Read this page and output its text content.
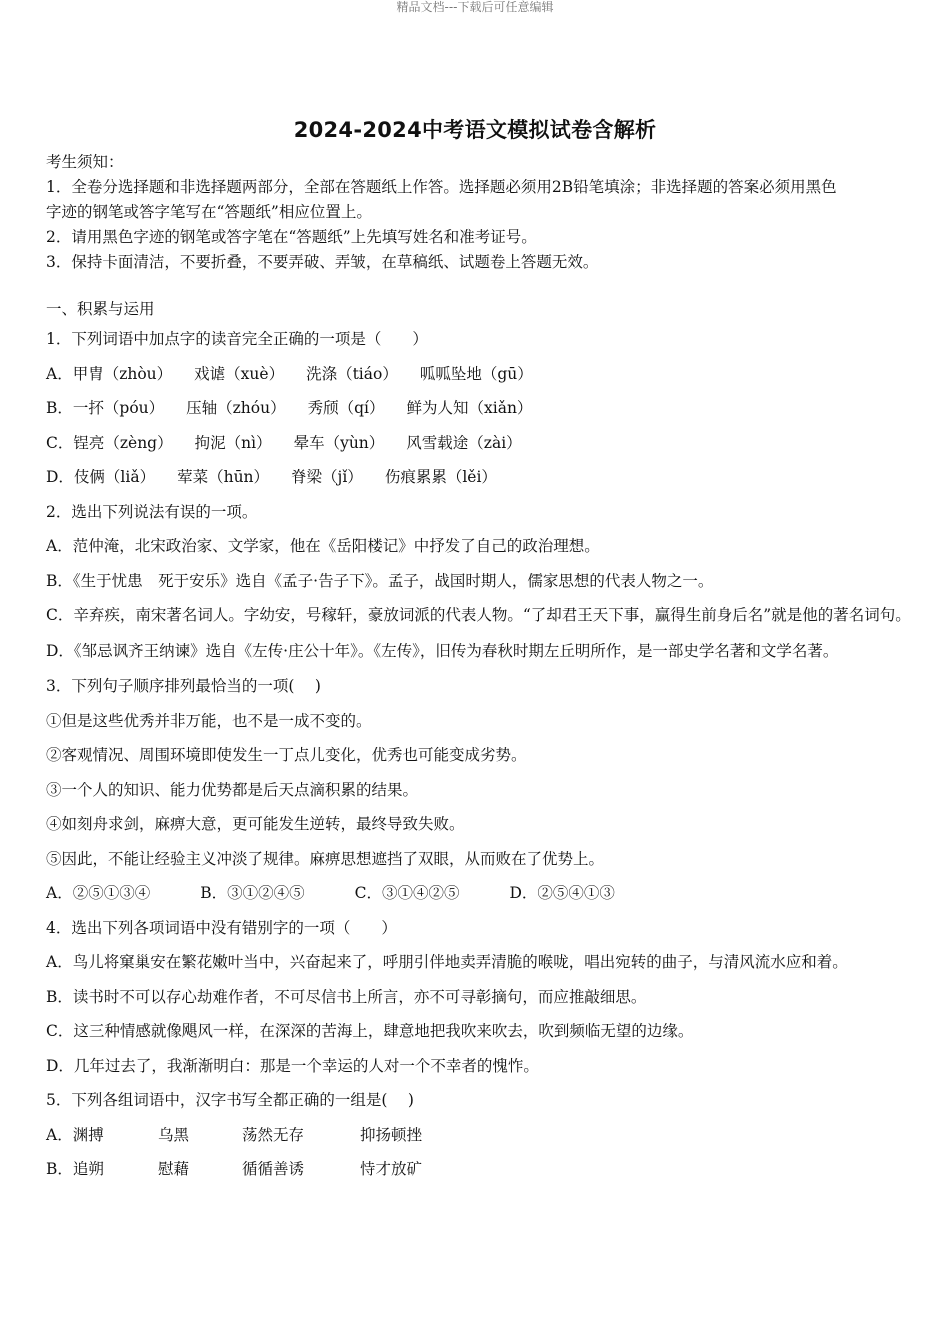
精品文档---下载后可任意编辑
2024-2024中考语文模拟试卷含解析
考生须知：
1．全卷分选择题和非选择题两部分，全部在答题纸上作答。选择题必须用2B铅笔填涂；非选择题的答案必须用黑色
字迹的钢笔或答字笔写在“答题纸”相应位置上。
2．请用黑色字迹的钢笔或答字笔在“答题纸”上先填写姓名和准考证号。
3．保持卡面清洁，不要折叠，不要弄破、弄皱，在草稿纸、试题卷上答题无效。
一、积累与运用
1．下列词语中加点字的读音完全正确的一项是（　　）
A．甲胄（zhòu） 戏谑（xuè） 洗涤（tiáo） 呱呱坠地（gū）
B．一抔（póu） 压轴（zhóu） 秀颀（qí） 鲜为人知（xiǎn）
C．锃亮（zèng） 拘泥（nì） 晕车（yùn） 风雪载途（zài）
D．伎俩（liǎ） 荤菜（hūn） 脊梁（jǐ） 伤痕累累（lěi）
2．选出下列说法有误的一项。
A．范仲淹，北宋政治家、文学家，他在《岳阳楼记》中抒发了自己的政治理想。
B．《生于忧患　死于安乐》选自《孟子·告子下》。孟子，战国时期人，儒家思想的代表人物之一。
C．辛弃疾，南宋著名词人。字幼安，号稼轩，豪放词派的代表人物。“了却君王天下事，赢得生前身后名”就是他的著名词句。
D．《邹忌讽齐王纳谏》选自《左传·庄公十年》。《左传》，旧传为春秋时期左丘明所作，是一部史学名著和文学名著。
3．下列句子顺序排列最恰当的一项(　 )
①但是这些优秀并非万能，也不是一成不变的。
②客观情况、周围环境即使发生一丁点儿变化，优秀也可能变成劣势。
③一个人的知识、能力优势都是后天点滴积累的结果。
④如刻舟求剑，麻痹大意，更可能发生逆转，最终导致失败。
⑤因此，不能让经验主义冲淡了规律。麻痹思想遮挡了双眼，从而败在了优势上。
A．②⑤①③④	B．③①②④⑤	C．③①④②⑤	D．②⑤④①③
4．选出下列各项词语中没有错别字的一项（　　）
A．鸟儿将窠巢安在繁花嫩叶当中，兴奋起来了，呼朋引伴地卖弄清脆的喉咙，唱出宛转的曲子，与清风流水应和着。
B．读书时不可以存心劫难作者，不可尽信书上所言，亦不可寻彰摘句，而应推敲细思。
C．这三种情感就像飓风一样，在深深的苦海上，肆意地把我吹来吹去，吹到频临无望的边缘。
D．几年过去了，我渐渐明白：那是一个幸运的人对一个不幸者的愧怍。
5．下列各组词语中，汉字书写全都正确的一组是(　 )
A．渊搏	乌黑	荡然无存	抑扬顿挫
B．追朔	慰藉	循循善诱	恃才放矿
